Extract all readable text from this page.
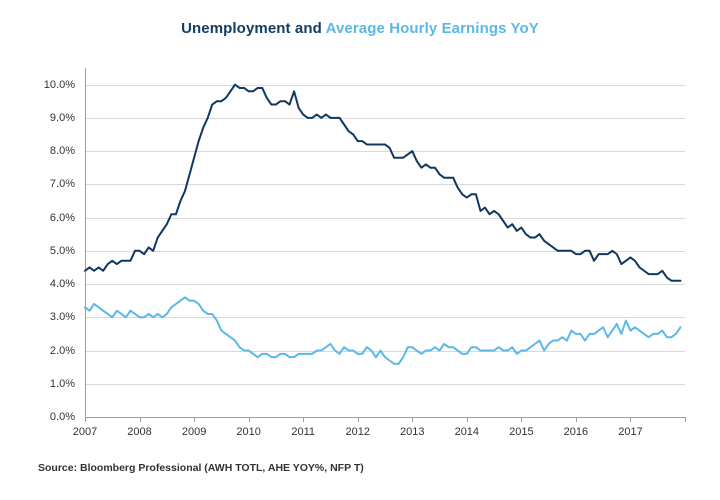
Unemployment and Average Hourly Earnings YoY
0.0%
1.0%
2.0%
3.0%
4.0%
5.0%
6.0%
7.0%
8.0%
9.0%
10.0%
2007	2008	2009	2010	2011	2012	2013	2014	2015	2016	2017
Source: Bloomberg Professional (AWH TOTL, AHE YOY%, NFP T)
